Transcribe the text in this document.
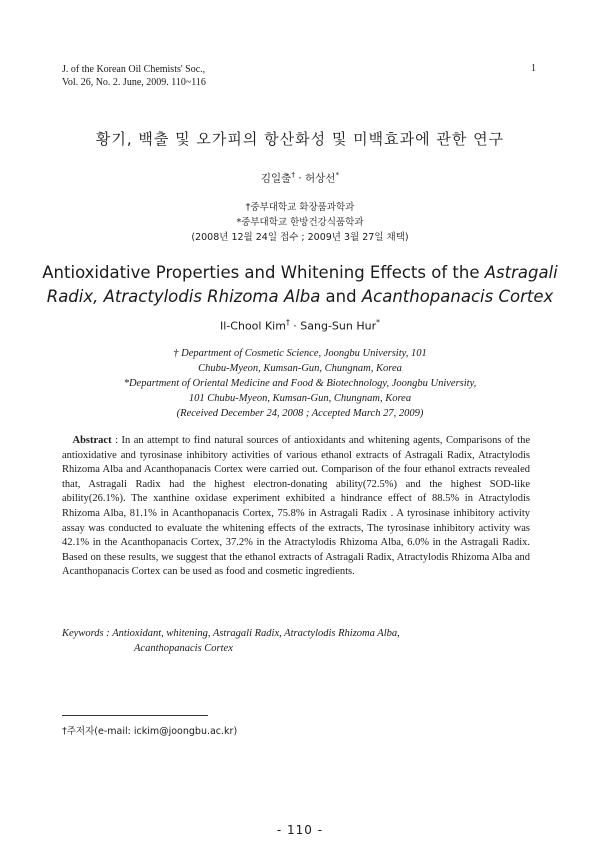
J. of the Korean Oil Chemists' Soc.,
Vol. 26, No. 2. June, 2009. 110~116
1
황기, 백출 및 오가피의 항산화성 및 미백효과에 관한 연구
김일출† · 허상선*
†중부대학교 화장품과학과
*중부대학교 한방건강식품학과
(2008년 12월 24일 접수 ; 2009년 3월 27일 채택)
Antioxidative Properties and Whitening Effects of the Astragali
Radix, Atractylodis Rhizoma Alba and Acanthopanacis Cortex
Il-Chool Kim† · Sang-Sun Hur*
† Department of Cosmetic Science, Joongbu University, 101
Chubu-Myeon, Kumsan-Gun, Chungnam, Korea
*Department of Oriental Medicine and Food & Biotechnology, Joongbu University,
101 Chubu-Myeon, Kumsan-Gun, Chungnam, Korea
(Received December 24, 2008 ; Accepted March 27, 2009)
Abstract : In an attempt to find natural sources of antioxidants and whitening agents, Comparisons of the antioxidative and tyrosinase inhibitory activities of various ethanol extracts of Astragali Radix, Atractylodis Rhizoma Alba and Acanthopanacis Cortex were carried out. Comparison of the four ethanol extracts revealed that, Astragali Radix had the highest electron-donating ability(72.5%) and the highest SOD-like ability(26.1%). The xanthine oxidase experiment exhibited a hindrance effect of 88.5% in Atractylodis Rhizoma Alba, 81.1% in Acanthopanacis Cortex, 75.8% in Astragali Radix . A tyrosinase inhibitory activity assay was conducted to evaluate the whitening effects of the extracts, The tyrosinase inhibitory activity was 42.1% in the Acanthopanacis Cortex, 37.2% in the Atractylodis Rhizoma Alba, 6.0% in the Astragali Radix. Based on these results, we suggest that the ethanol extracts of Astragali Radix, Atractylodis Rhizoma Alba and Acanthopanacis Cortex can be used as food and cosmetic ingredients.
Keywords : Antioxidant, whitening, Astragali Radix, Atractylodis Rhizoma Alba,
Acanthopanacis Cortex
†주저자(e-mail: ickim@joongbu.ac.kr)
- 110 -
